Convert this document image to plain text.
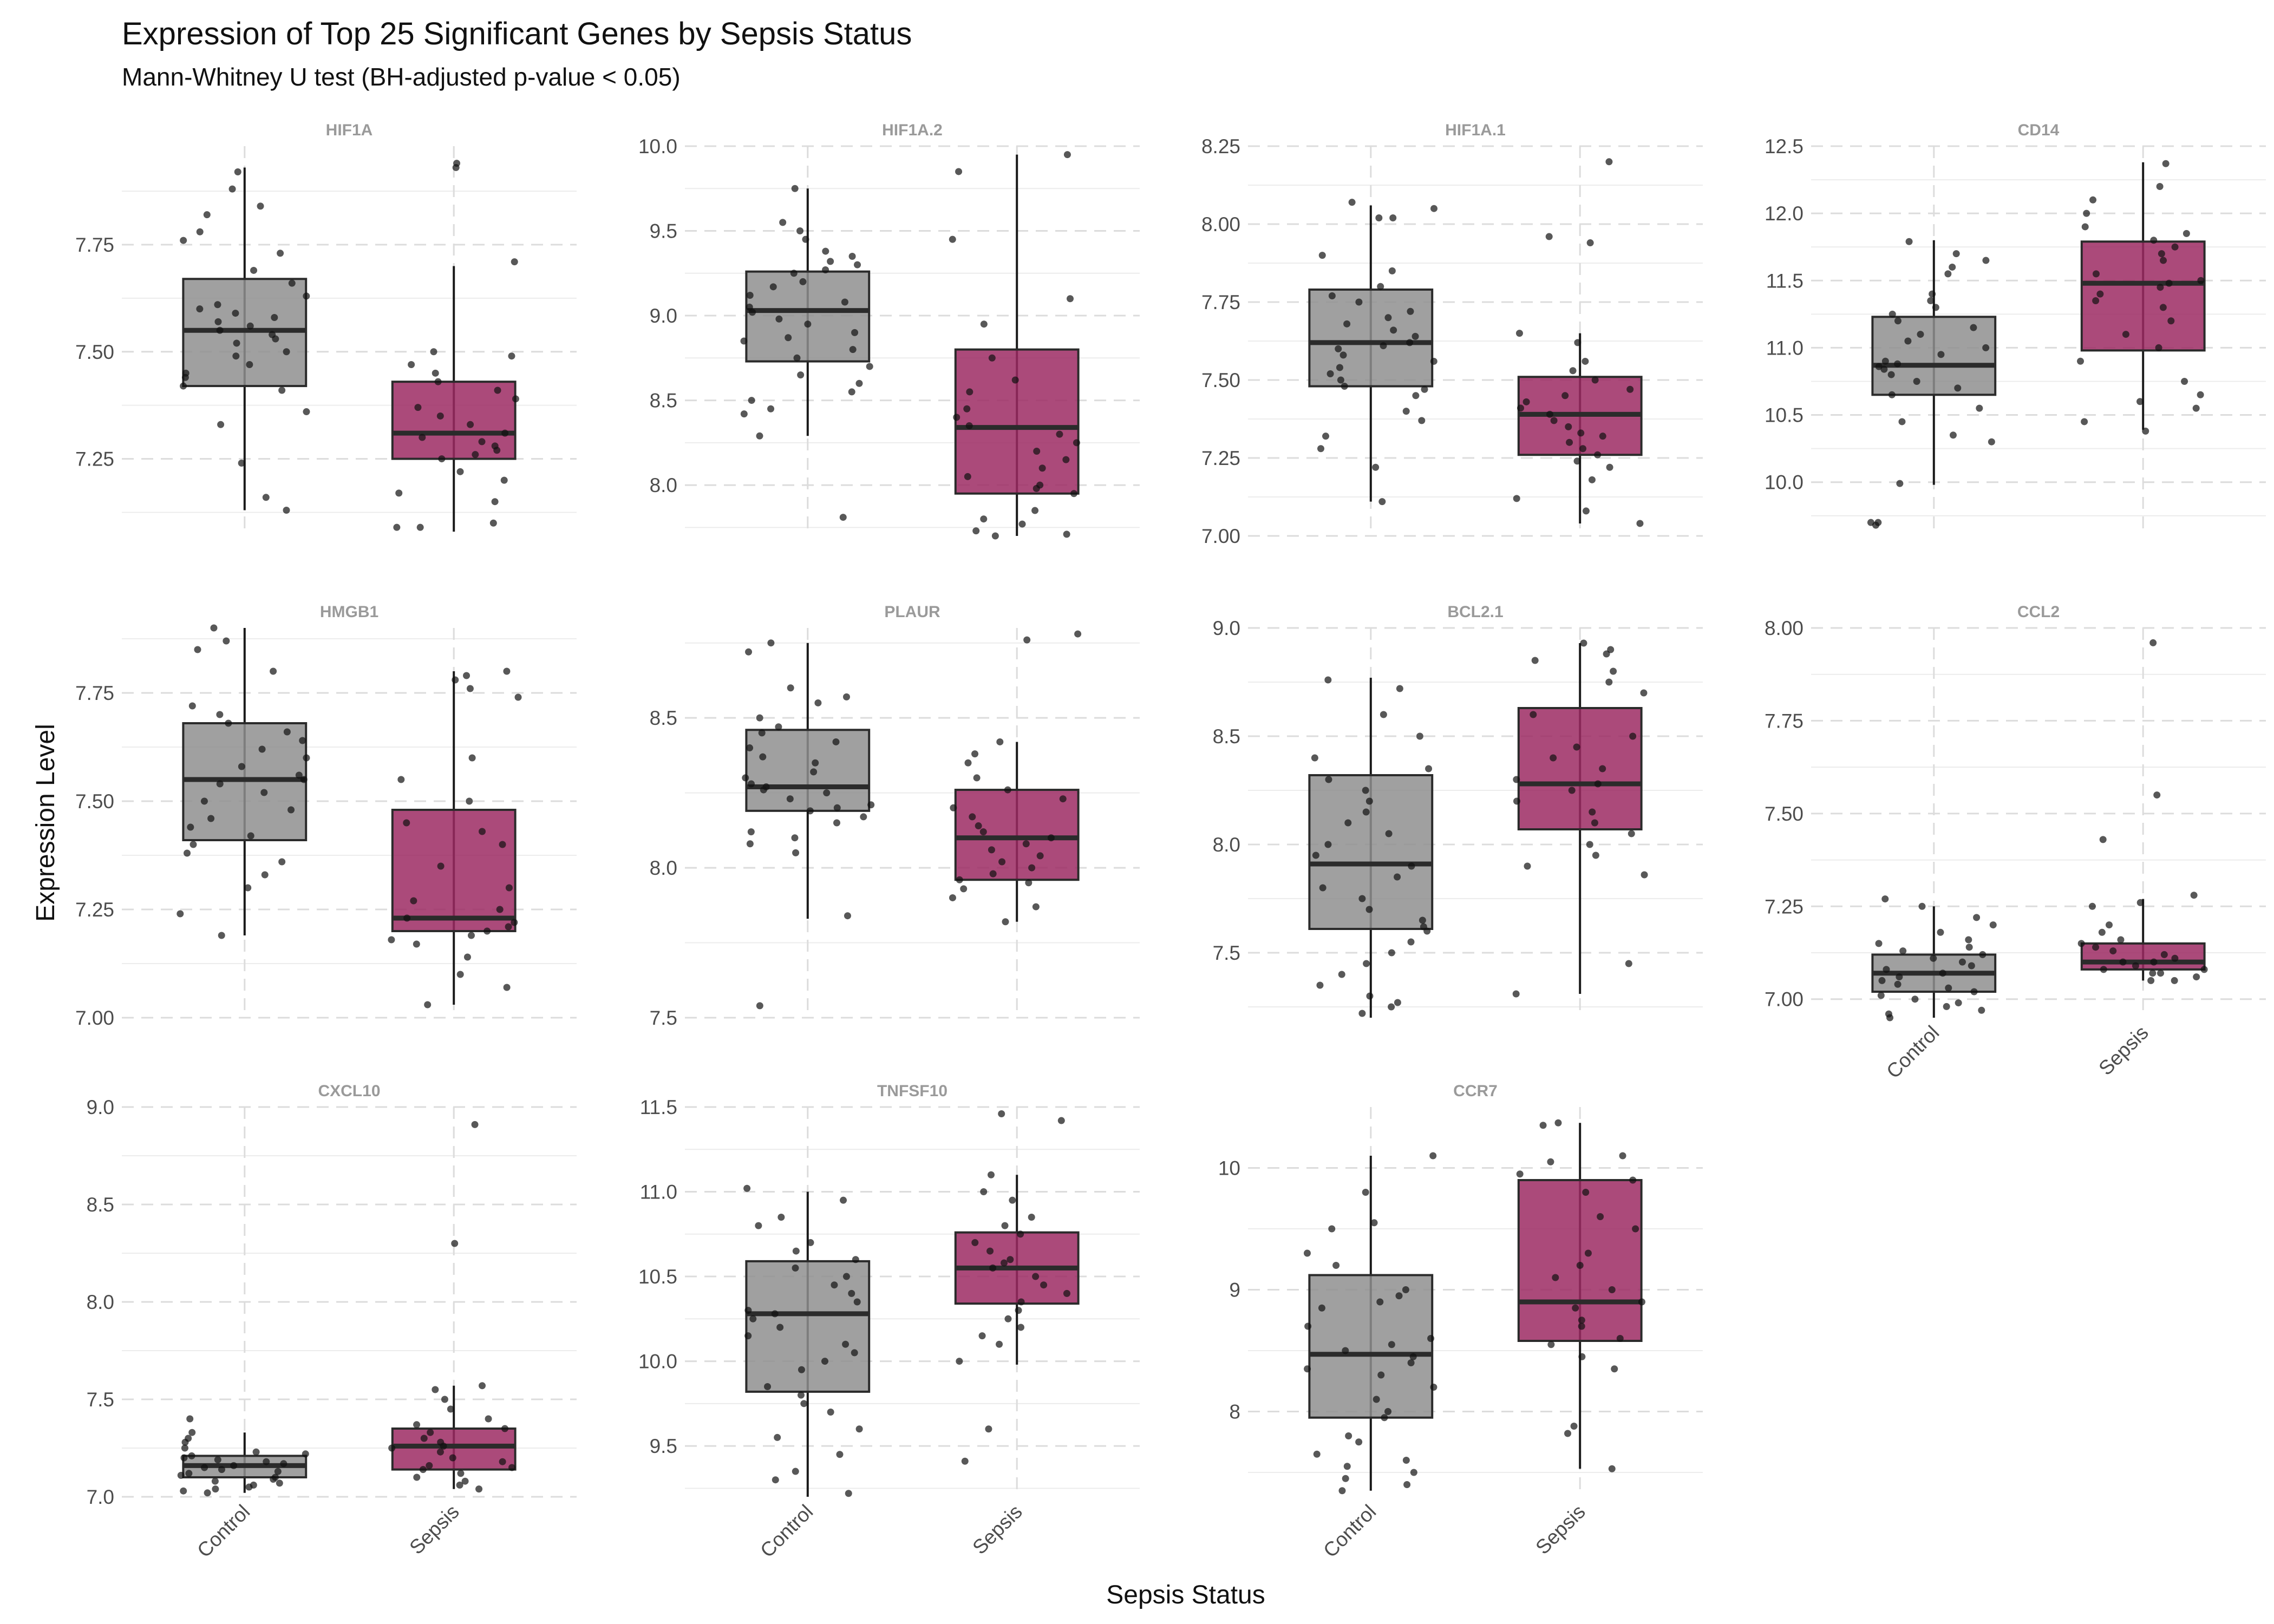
Expression of Top 25 Significant Genes by Sepsis Status
Mann-Whitney U test (BH-adjusted p-value < 0.05)
HIF1A
7.25
7.50
7.75
HIF1A.2
8.0
8.5
9.0
9.5
10.0
HIF1A.1
7.00
7.25
7.50
7.75
8.00
8.25
CD14
10.0
10.5
11.0
11.5
12.0
12.5
HMGB1
7.00
7.25
7.50
7.75
PLAUR
7.5
8.0
8.5
BCL2.1
7.5
8.0
8.5
9.0
CCL2
7.00
7.25
7.50
7.75
8.00
Control	Sepsis
CXCL10
7.0
7.5
8.0
8.5
9.0
Control	Sepsis
TNFSF10
9.5
10.0
10.5
11.0
11.5
Control	Sepsis
CCR7
8
9
10
Control	Sepsis
Sepsis Status
Expression Level
